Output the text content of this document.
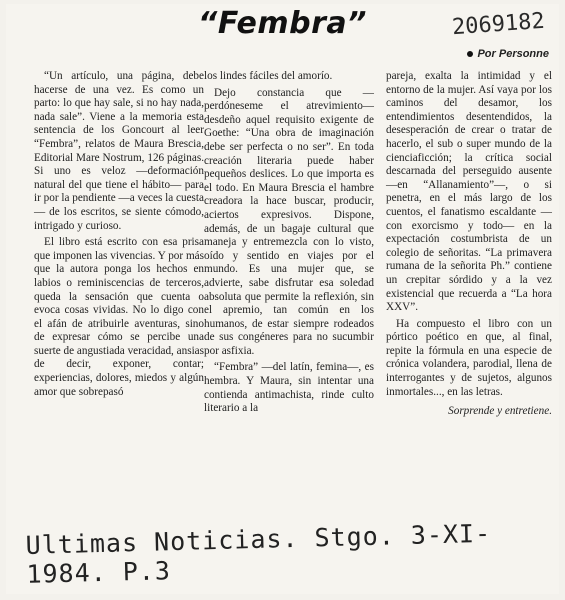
“Fembra”	2069182
Por Personne

“Un artículo, una página, debe hacerse de una vez. Es como un parto: lo que hay sale, si no hay nada, nada sale”. Viene a la memoria esta sentencia de los Goncourt al leer “Fembra”, relatos de Maura Brescia, Editorial Mare Nostrum, 126 páginas. Si uno es veloz —deformación natural del que tiene el hábito— para ir por la pendiente —a veces la cuesta— de los escritos, se siente cómodo, intrigado y curioso.

El libro está escrito con esa prisa que imponen las vivencias. Y por más que la autora ponga los hechos en labios o reminiscencias de terceros, queda la sensación que cuenta o evoca cosas vividas. No lo digo con el afán de atribuirle aventuras, sino de expresar cómo se percibe una suerte de angustiada veracidad, ansias de decir, exponer, contar; experiencias, dolores, miedos y algún amor que sobrepasó

los lindes fáciles del amorío.

Dejo constancia que —perdóneseme el atrevimiento— desdeño aquel requisito exigente de Goethe: “Una obra de imaginación debe ser perfecta o no ser”. En toda creación literaria puede haber pequeños deslices. Lo que importa es el todo. En Maura Brescia el hambre creadora la hace buscar, producir, aciertos expresivos. Dispone, además, de un bagaje cultural que maneja y entremezcla con lo visto, oído y sentido en viajes por el mundo. Es una mujer que, se advierte, sabe disfrutar esa soledad absoluta que permite la reflexión, sin el apremio, tan común en los humanos, de estar siempre rodeados de sus congéneres para no sucumbir por asfixia.

“Fembra” —del latín, femina—, es hembra. Y Maura, sin intentar una contienda antimachista, rinde culto literario a la

pareja, exalta la intimidad y el entorno de la mujer. Así vaya por los caminos del desamor, los entendimientos desentendidos, la desesperación de crear o tratar de hacerlo, el sub o super mundo de la cienciaficción; la crítica social descarnada del perseguido ausente —en “Allanamiento”—, o si penetra, en el más largo de los cuentos, el fanatismo escaldante —con exorcismo y todo— en la expectación costumbrista de un colegio de señoritas. “La primavera rumana de la señorita Ph.” contiene un crepitar sórdido y a la vez existencial que recuerda a “La hora XXV”.

Ha compuesto el libro con un pórtico poético en que, al final, repite la fórmula en una especie de crónica volandera, parodial, llena de interrogantes y de sujetos, algunos inmortales..., en las letras.

Sorprende y entretiene.

Ultimas Noticias. Stgo. 3-XI-1984. P.3
